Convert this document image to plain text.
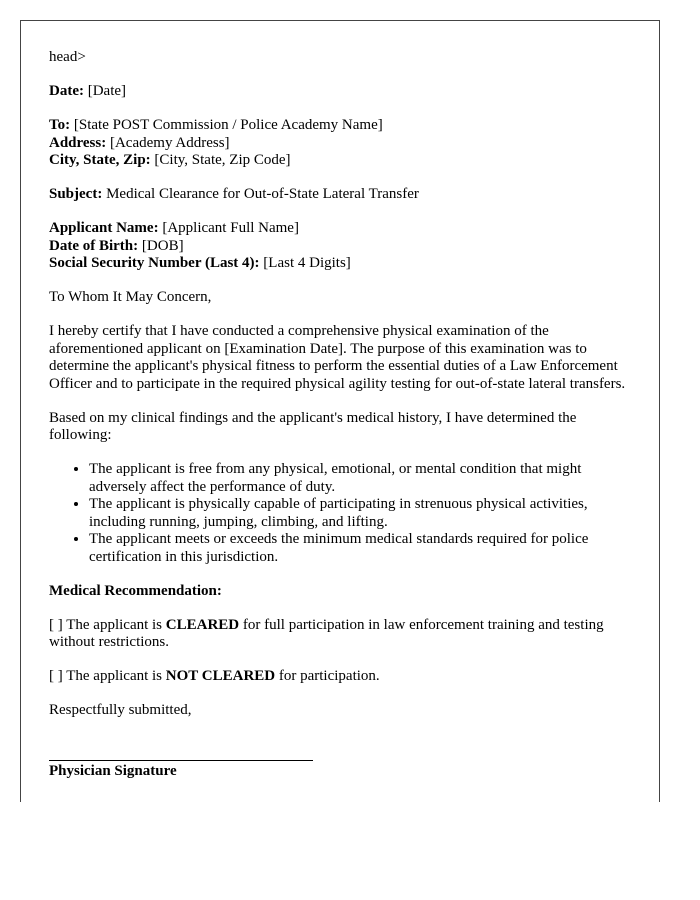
head>

Date: [Date]

To: [State POST Commission / Police Academy Name]
Address: [Academy Address]
City, State, Zip: [City, State, Zip Code]

Subject: Medical Clearance for Out-of-State Lateral Transfer

Applicant Name: [Applicant Full Name]
Date of Birth: [DOB]
Social Security Number (Last 4): [Last 4 Digits]

To Whom It May Concern,

I hereby certify that I have conducted a comprehensive physical examination of the aforementioned applicant on [Examination Date]. The purpose of this examination was to determine the applicant's physical fitness to perform the essential duties of a Law Enforcement Officer and to participate in the required physical agility testing for out-of-state lateral transfers.

Based on my clinical findings and the applicant's medical history, I have determined the following:

• The applicant is free from any physical, emotional, or mental condition that might adversely affect the performance of duty.
• The applicant is physically capable of participating in strenuous physical activities, including running, jumping, climbing, and lifting.
• The applicant meets or exceeds the minimum medical standards required for police certification in this jurisdiction.

Medical Recommendation:

[ ] The applicant is CLEARED for full participation in law enforcement training and testing without restrictions.

[ ] The applicant is NOT CLEARED for participation.

Respectfully submitted,

Physician Signature
